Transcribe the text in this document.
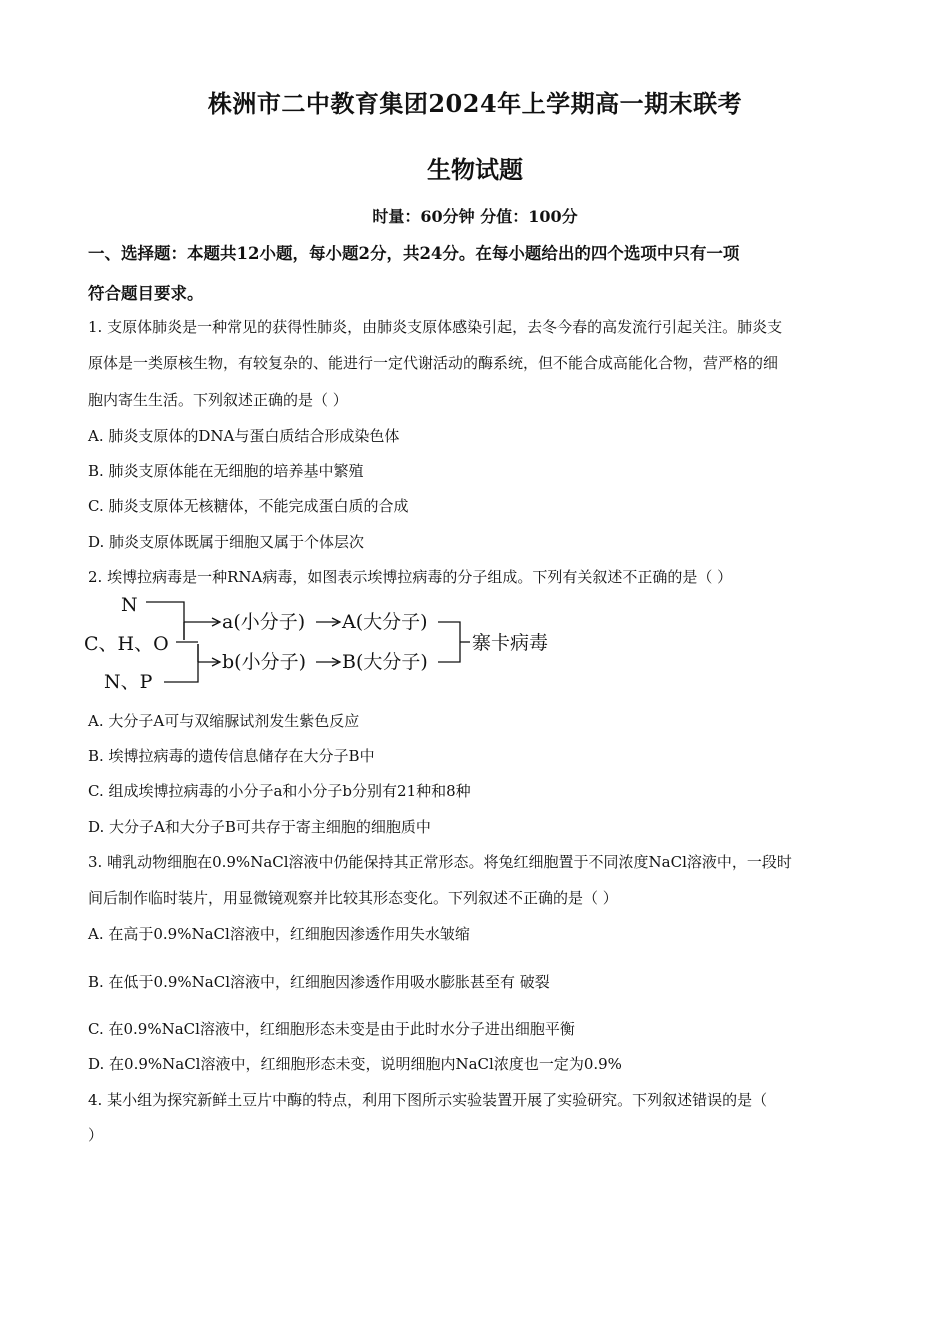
株洲市二中教育集团2024年上学期高一期末联考
生物试题
时量：60分钟 分值：100分
一、选择题：本题共12小题，每小题2分，共24分。在每小题给出的四个选项中只有一项
符合题目要求。
1. 支原体肺炎是一种常见的获得性肺炎，由肺炎支原体感染引起，去冬今春的高发流行引起关注。肺炎支
原体是一类原核生物，有较复杂的、能进行一定代谢活动的酶系统，但不能合成高能化合物，营严格的细
胞内寄生生活。下列叙述正确的是（ ）
A. 肺炎支原体的DNA与蛋白质结合形成染色体
B. 肺炎支原体能在无细胞的培养基中繁殖
C. 肺炎支原体无核糖体，不能完成蛋白质的合成
D. 肺炎支原体既属于细胞又属于个体层次
2. 埃博拉病毒是一种RNA病毒，如图表示埃博拉病毒的分子组成。下列有关叙述不正确的是（ ）
N
C、H、O
N、P
a(小分子) A(大分子)
b(小分子) B(大分子)
寨卡病毒
A. 大分子A可与双缩脲试剂发生紫色反应
B. 埃博拉病毒的遗传信息储存在大分子B中
C. 组成埃博拉病毒的小分子a和小分子b分别有21种和8种
D. 大分子A和大分子B可共存于寄主细胞的细胞质中
3. 哺乳动物细胞在0.9%NaCl溶液中仍能保持其正常形态。将兔红细胞置于不同浓度NaCl溶液中，一段时
间后制作临时装片，用显微镜观察并比较其形态变化。下列叙述不正确的是（ ）
A. 在高于0.9%NaCl溶液中，红细胞因渗透作用失水皱缩
B. 在低于0.9%NaCl溶液中，红细胞因渗透作用吸水膨胀甚至有 破裂
C. 在0.9%NaCl溶液中，红细胞形态未变是由于此时水分子进出细胞平衡
D. 在0.9%NaCl溶液中，红细胞形态未变，说明细胞内NaCl浓度也一定为0.9%
4. 某小组为探究新鲜土豆片中酶的特点，利用下图所示实验装置开展了实验研究。下列叙述错误的是（
）
